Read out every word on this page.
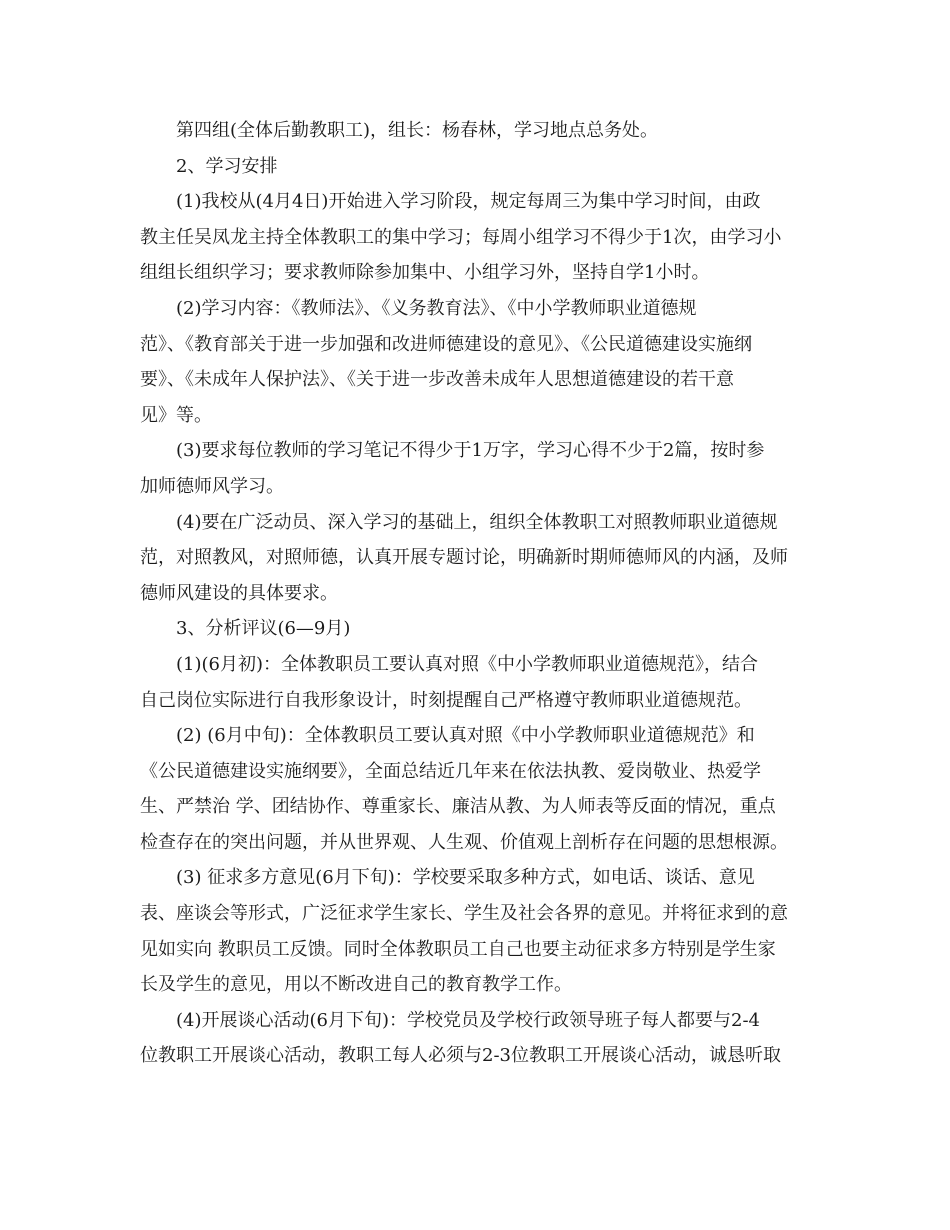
第四组(全体后勤教职工)，组长：杨春林，学习地点总务处。

2、学习安排

(1)我校从(4月4日)开始进入学习阶段，规定每周三为集中学习时间，由政
教主任吴凤龙主持全体教职工的集中学习；每周小组学习不得少于1次，由学习小
组组长组织学习；要求教师除参加集中、小组学习外，坚持自学1小时。

(2)学习内容：《教师法》、《义务教育法》、《中小学教师职业道德规
范》、《教育部关于进一步加强和改进师德建设的意见》、《公民道德建设实施纲
要》、《未成年人保护法》、《关于进一步改善未成年人思想道德建设的若干意
见》等。

(3)要求每位教师的学习笔记不得少于1万字，学习心得不少于2篇，按时参
加师德师风学习。

(4)要在广泛动员、深入学习的基础上，组织全体教职工对照教师职业道德规
范，对照教风，对照师德，认真开展专题讨论，明确新时期师德师风的内涵，及师
德师风建设的具体要求。

3、分析评议(6—9月)

(1)(6月初)：全体教职员工要认真对照《中小学教师职业道德规范》，结合
自己岗位实际进行自我形象设计，时刻提醒自己严格遵守教师职业道德规范。

(2) (6月中旬)：全体教职员工要认真对照《中小学教师职业道德规范》和
《公民道德建设实施纲要》，全面总结近几年来在依法执教、爱岗敬业、热爱学
生、严禁治 学、团结协作、尊重家长、廉洁从教、为人师表等反面的情况，重点
检查存在的突出问题，并从世界观、人生观、价值观上剖析存在问题的思想根源。

(3) 征求多方意见(6月下旬)：学校要采取多种方式，如电话、谈话、意见
表、座谈会等形式，广泛征求学生家长、学生及社会各界的意见。并将征求到的意
见如实向 教职员工反馈。同时全体教职员工自己也要主动征求多方特别是学生家
长及学生的意见，用以不断改进自己的教育教学工作。

(4)开展谈心活动(6月下旬)：学校党员及学校行政领导班子每人都要与2-4
位教职工开展谈心活动，教职工每人必须与2-3位教职工开展谈心活动，诚恳听取
